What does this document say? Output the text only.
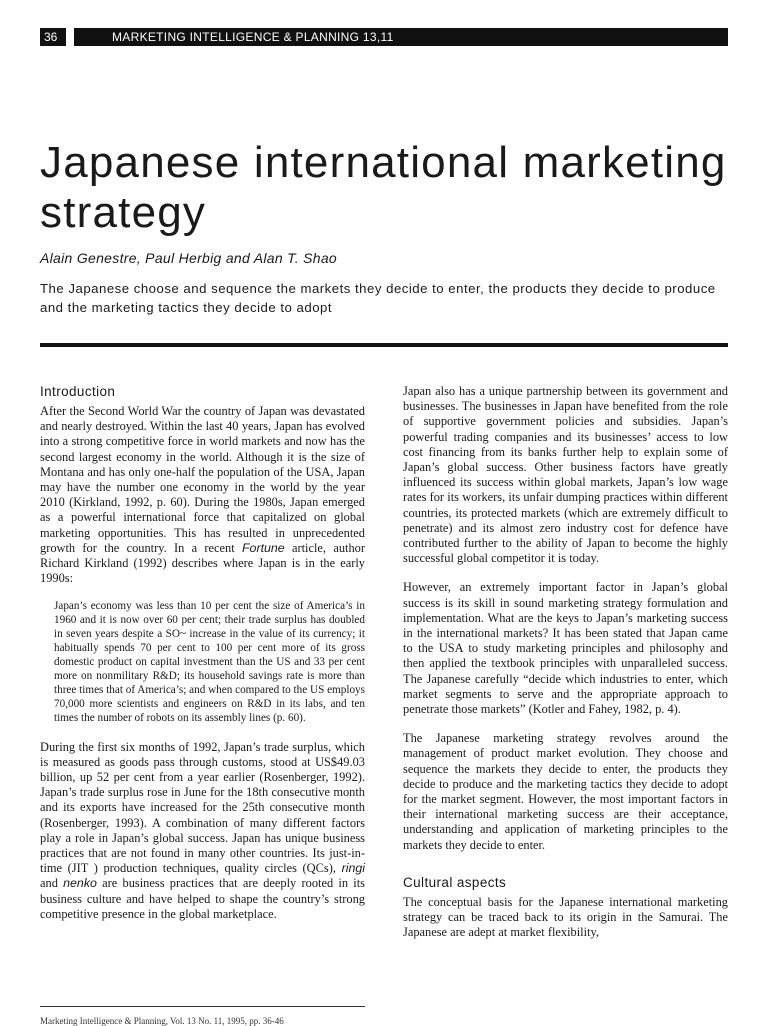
36	MARKETING INTELLIGENCE & PLANNING 13,11
Japanese international marketing
strategy

Alain Genestre, Paul Herbig and Alan T. Shao

The Japanese choose and sequence the markets they decide to enter, the products they decide to produce and the marketing tactics they decide to adopt

Introduction

After the Second World War the country of Japan was devastated and nearly destroyed. Within the last 40 years, Japan has evolved into a strong competitive force in world markets and now has the second largest economy in the world. Although it is the size of Montana and has only one-half the population of the USA, Japan may have the number one economy in the world by the year 2010 (Kirkland, 1992, p. 60). During the 1980s, Japan emerged as a powerful international force that capitalized on global marketing opportunities. This has resulted in unprecedented growth for the country. In a recent Fortune article, author Richard Kirkland (1992) describes where Japan is in the early 1990s:

Japan’s economy was less than 10 per cent the size of America’s in 1960 and it is now over 60 per cent; their trade surplus has doubled in seven years despite a SO~ increase in the value of its currency; it habitually spends 70 per cent to 100 per cent more of its gross domestic product on capital investment than the US and 33 per cent more on nonmilitary R&D; its household savings rate is more than three times that of America’s; and when compared to the US employs 70,000 more scientists and engineers on R&D in its labs, and ten times the number of robots on its assembly lines (p. 60).

During the first six months of 1992, Japan’s trade surplus, which is measured as goods pass through customs, stood at US$49.03 billion, up 52 per cent from a year earlier (Rosenberger, 1992). Japan’s trade surplus rose in June for the 18th consecutive month and its exports have increased for the 25th consecutive month (Rosenberger, 1993). A combination of many different factors play a role in Japan’s global success. Japan has unique business practices that are not found in many other countries. Its just-in-time (JIT ) production techniques, quality circles (QCs), ringi and nenko are business practices that are deeply rooted in its business culture and have helped to shape the country’s strong competitive presence in the global marketplace.

Japan also has a unique partnership between its government and businesses. The businesses in Japan have benefited from the role of supportive government policies and subsidies. Japan’s powerful trading companies and its businesses’ access to low cost financing from its banks further help to explain some of Japan’s global success. Other business factors have greatly influenced its success within global markets, Japan’s low wage rates for its workers, its unfair dumping practices within different countries, its protected markets (which are extremely difficult to penetrate) and its almost zero industry cost for defence have contributed further to the ability of Japan to become the highly successful global competitor it is today.

However, an extremely important factor in Japan’s global success is its skill in sound marketing strategy formulation and implementation. What are the keys to Japan’s marketing success in the international markets? It has been stated that Japan came to the USA to study marketing principles and philosophy and then applied the textbook principles with unparalleled success. The Japanese carefully “decide which industries to enter, which market segments to serve and the appropriate approach to penetrate those markets” (Kotler and Fahey, 1982, p. 4).

The Japanese marketing strategy revolves around the management of product market evolution. They choose and sequence the markets they decide to enter, the products they decide to produce and the marketing tactics they decide to adopt for the market segment. However, the most important factors in their international marketing success are their acceptance, understanding and application of marketing principles to the markets they decide to enter.

Cultural aspects

The conceptual basis for the Japanese international marketing strategy can be traced back to its origin in the Samurai. The Japanese are adept at market flexibility,

Marketing Intelligence & Planning, Vol. 13 No. 11, 1995, pp. 36-46
